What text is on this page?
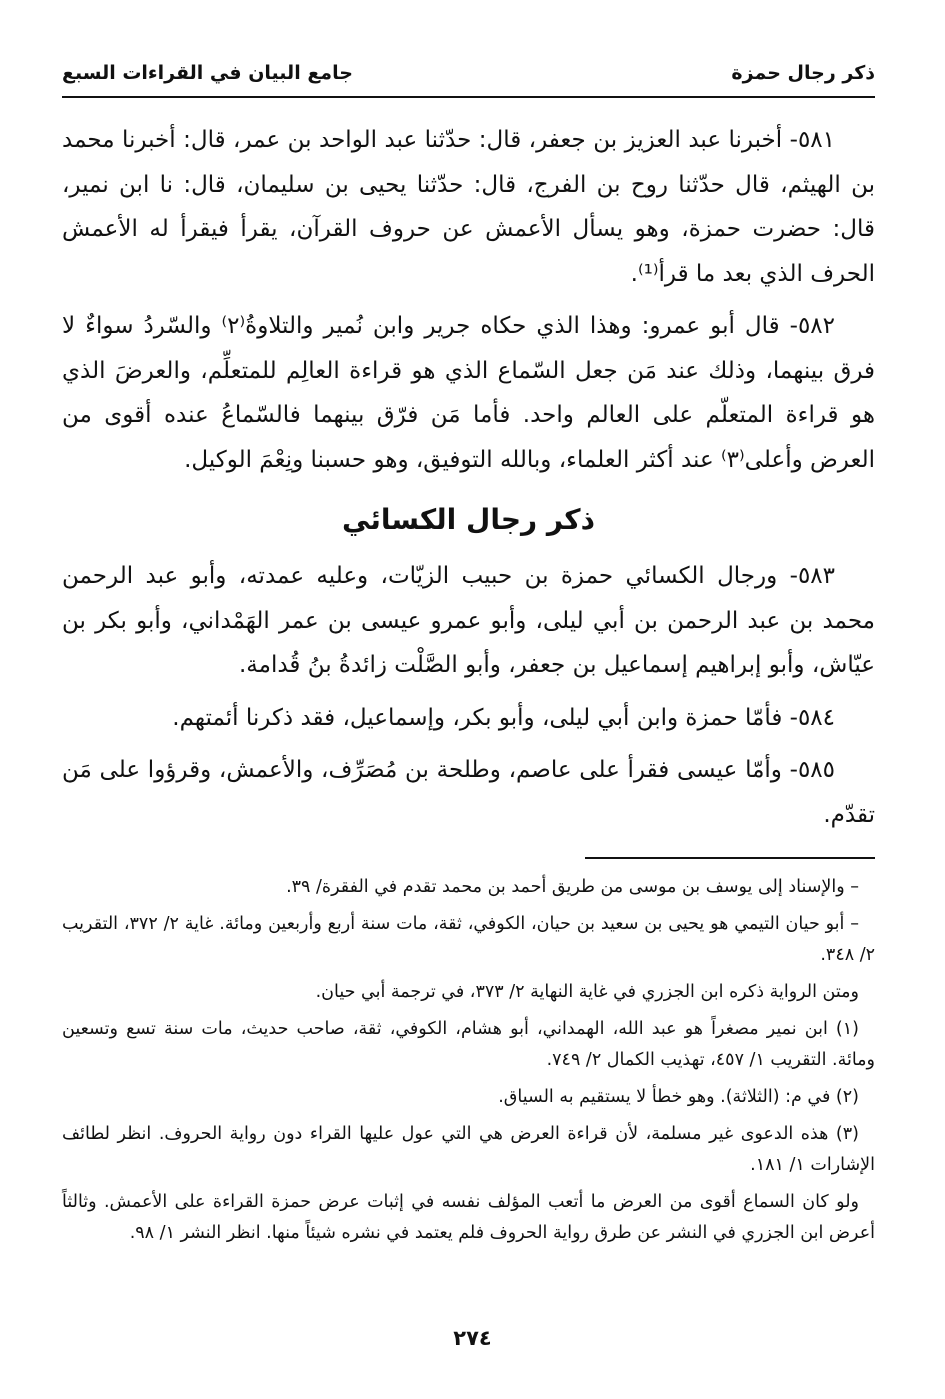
ذكر رجال حمزة
جامع البيان في القراءات السبع

٥٨١- أخبرنا عبد العزيز بن جعفر، قال: حدّثنا عبد الواحد بن عمر، قال: أخبرنا محمد بن الهيثم، قال حدّثنا روح بن الفرج، قال: حدّثنا يحيى بن سليمان، قال: نا ابن نمير، قال: حضرت حمزة، وهو يسأل الأعمش عن حروف القرآن، يقرأ فيقرأ له الأعمش الحرف الذي بعد ما قرأ⁽¹⁾.

٥٨٢- قال أبو عمرو: وهذا الذي حكاه جرير وابن نُمير والتلاوةُ⁽٢⁾ والسّردُ سواءٌ لا فرق بينهما، وذلك عند مَن جعل السّماع الذي هو قراءة العالِم للمتعلِّم، والعرضَ الذي هو قراءة المتعلّم على العالم واحد. فأما مَن فرّق بينهما فالسّماعُ عنده أقوى من العرض وأعلى⁽٣⁾ عند أكثر العلماء، وبالله التوفيق، وهو حسبنا ونِعْمَ الوكيل.

ذكر رجال الكسائي

٥٨٣- ورجال الكسائي حمزة بن حبيب الزيّات، وعليه عمدته، وأبو عبد الرحمن محمد بن عبد الرحمن بن أبي ليلى، وأبو عمرو عيسى بن عمر الهَمْداني، وأبو بكر بن عيّاش، وأبو إبراهيم إسماعيل بن جعفر، وأبو الصَّلْت زائدةُ بنُ قُدامة.

٥٨٤- فأمّا حمزة وابن أبي ليلى، وأبو بكر، وإسماعيل، فقد ذكرنا أئمتهم.

٥٨٥- وأمّا عيسى فقرأ على عاصم، وطلحة بن مُصَرِّف، والأعمش، وقرؤوا على مَن تقدّم.

– والإسناد إلى يوسف بن موسى من طريق أحمد بن محمد تقدم في الفقرة/ ٣٩.

– أبو حيان التيمي هو يحيى بن سعيد بن حيان، الكوفي، ثقة، مات سنة أربع وأربعين ومائة. غاية ٢/ ٣٧٢، التقريب ٢/ ٣٤٨.

ومتن الرواية ذكره ابن الجزري في غاية النهاية ٢/ ٣٧٣، في ترجمة أبي حيان.

(١) ابن نمير مصغراً هو عبد الله، الهمداني، أبو هشام، الكوفي، ثقة، صاحب حديث، مات سنة تسع وتسعين ومائة. التقريب ١/ ٤٥٧، تهذيب الكمال ٢/ ٧٤٩.

(٢) في م: (الثلاثة). وهو خطأ لا يستقيم به السياق.

(٣) هذه الدعوى غير مسلمة، لأن قراءة العرض هي التي عول عليها القراء دون رواية الحروف. انظر لطائف الإشارات ١/ ١٨١.

ولو كان السماع أقوى من العرض ما أتعب المؤلف نفسه في إثبات عرض حمزة القراءة على الأعمش. وثالثاً أعرض ابن الجزري في النشر عن طرق رواية الحروف فلم يعتمد في نشره شيئاً منها. انظر النشر ١/ ٩٨.

٢٧٤
